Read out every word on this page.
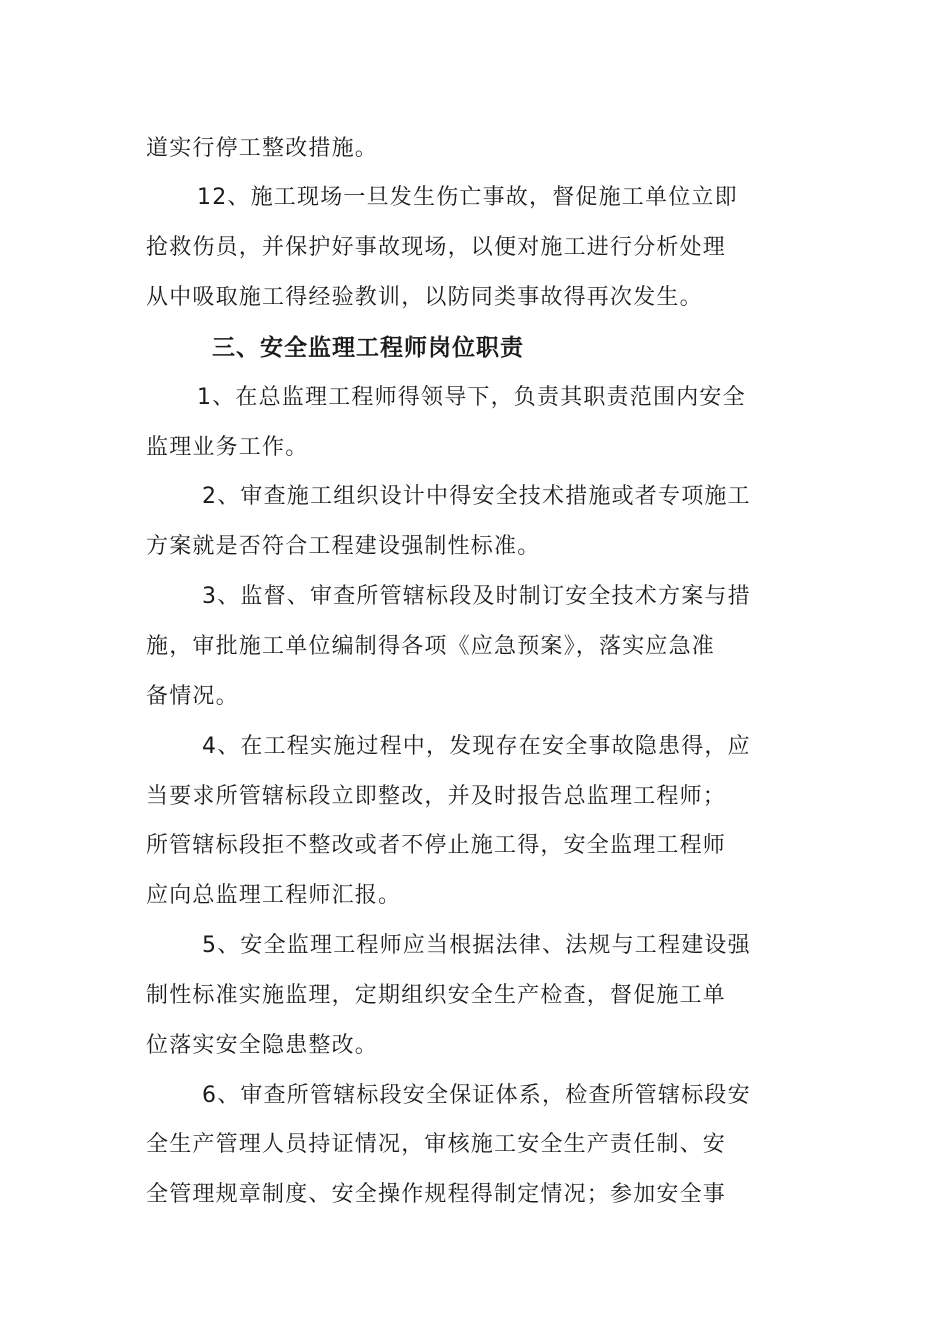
道实行停工整改措施。
12、施工现场一旦发生伤亡事故，督促施工单位立即
抢救伤员，并保护好事故现场，以便对施工进行分析处理
从中吸取施工得经验教训，以防同类事故得再次发生。
三、安全监理工程师岗位职责
1、在总监理工程师得领导下，负责其职责范围内安全
监理业务工作。
2、审查施工组织设计中得安全技术措施或者专项施工
方案就是否符合工程建设强制性标准。
3、监督、审查所管辖标段及时制订安全技术方案与措
施，审批施工单位编制得各项《应急预案》，落实应急准
备情况。
4、在工程实施过程中，发现存在安全事故隐患得，应
当要求所管辖标段立即整改，并及时报告总监理工程师；
所管辖标段拒不整改或者不停止施工得，安全监理工程师
应向总监理工程师汇报。
5、安全监理工程师应当根据法律、法规与工程建设强
制性标准实施监理，定期组织安全生产检查，督促施工单
位落实安全隐患整改。
6、审查所管辖标段安全保证体系，检查所管辖标段安
全生产管理人员持证情况，审核施工安全生产责任制、安
全管理规章制度、安全操作规程得制定情况；参加安全事
